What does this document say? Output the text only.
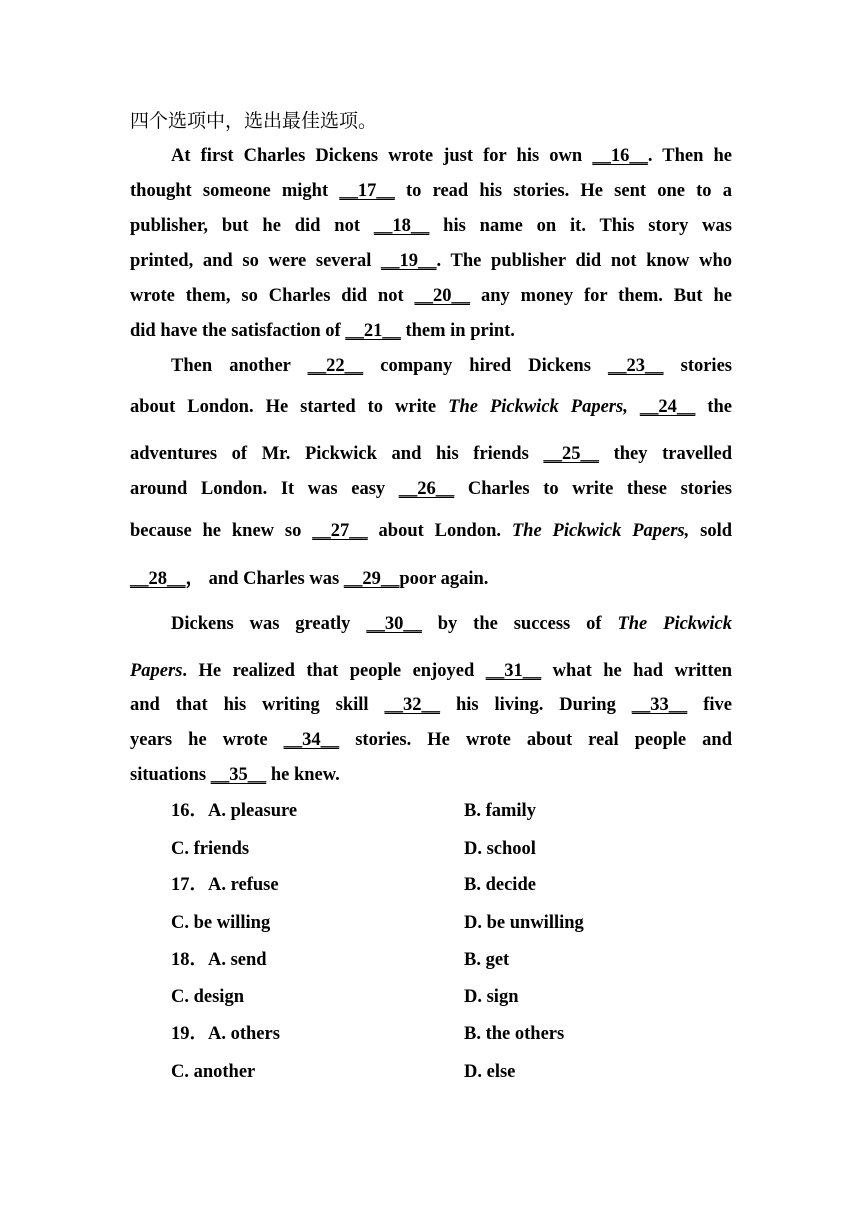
四个选项中，选出最佳选项。
At first Charles Dickens wrote just for his own __16__. Then he
thought someone might __17__ to read his stories. He sent one to a
publisher, but he did not __18__ his name on it. This story was
printed, and so were several __19__. The publisher did not know who
wrote them, so Charles did not __20__ any money for them. But he
did have the satisfaction of __21__ them in print.
Then another __22__ company hired Dickens __23__ stories
about London. He started to write The Pickwick Papers, __24__ the
adventures of Mr. Pickwick and his friends __25__ they travelled
around London. It was easy __26__ Charles to write these stories
because he knew so __27__ about London. The Pickwick Papers, sold
__28__， and Charles was __29__poor again.
Dickens was greatly __30__ by the success of The Pickwick
Papers. He realized that people enjoyed __31__ what he had written
and that his writing skill __32__ his living. During __33__ five
years he wrote __34__ stories. He wrote about real people and
situations __35__ he knew.
16．A. pleasure	B. family
C. friends	D. school
17．A. refuse	B. decide
C. be willing	D. be unwilling
18．A. send	B. get
C. design	D. sign
19．A. others	B. the others
C. another	D. else
